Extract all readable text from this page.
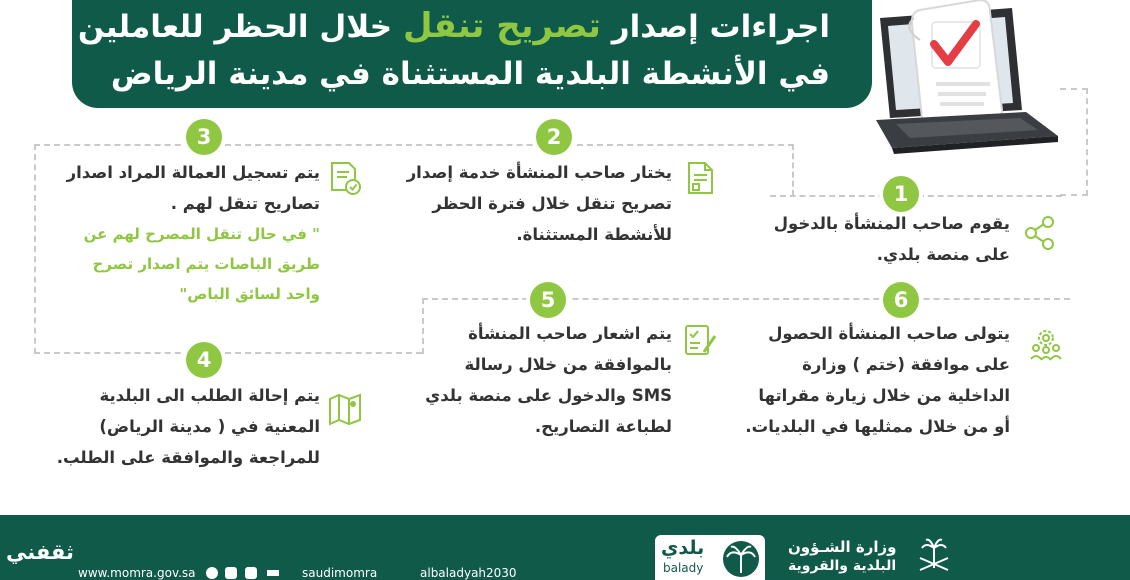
اجراءات إصدار تصريح تنقل خلال الحظر للعاملين
في الأنشطة البلدية المستثناة في مدينة الرياض
1
2
3
4
5	6
يقوم صاحب المنشأة بالدخول
على منصة بلدي.
يختار صاحب المنشأة خدمة إصدار
تصريح تنقل خلال فترة الحظر
للأنشطة المستثناة.
يتم تسجيل العمالة المراد اصدار
تصاريح تنقل لهم .
" في حال تنقل المصرح لهم عن
طريق الباصات يتم اصدار تصرح
واحد لسائق الباص"
يتم إحالة الطلب الى البلدية
المعنية في ( مدينة الرياض)
للمراجعة والموافقة على الطلب.
يتم اشعار صاحب المنشأة
بالموافقة من خلال رسالة
SMS والدخول على منصة بلدي
لطباعة التصاريح.
يتولى صاحب المنشأة الحصول
على موافقة (ختم ) وزارة
الداخلية من خلال زيارة مقراتها
أو من خلال ممثليها في البلديات.
بلدي
balady
وزارة الشـؤون
البلدية والقروية
albaladyah2030
saudimomra
www.momra.gov.sa
ثقفني
